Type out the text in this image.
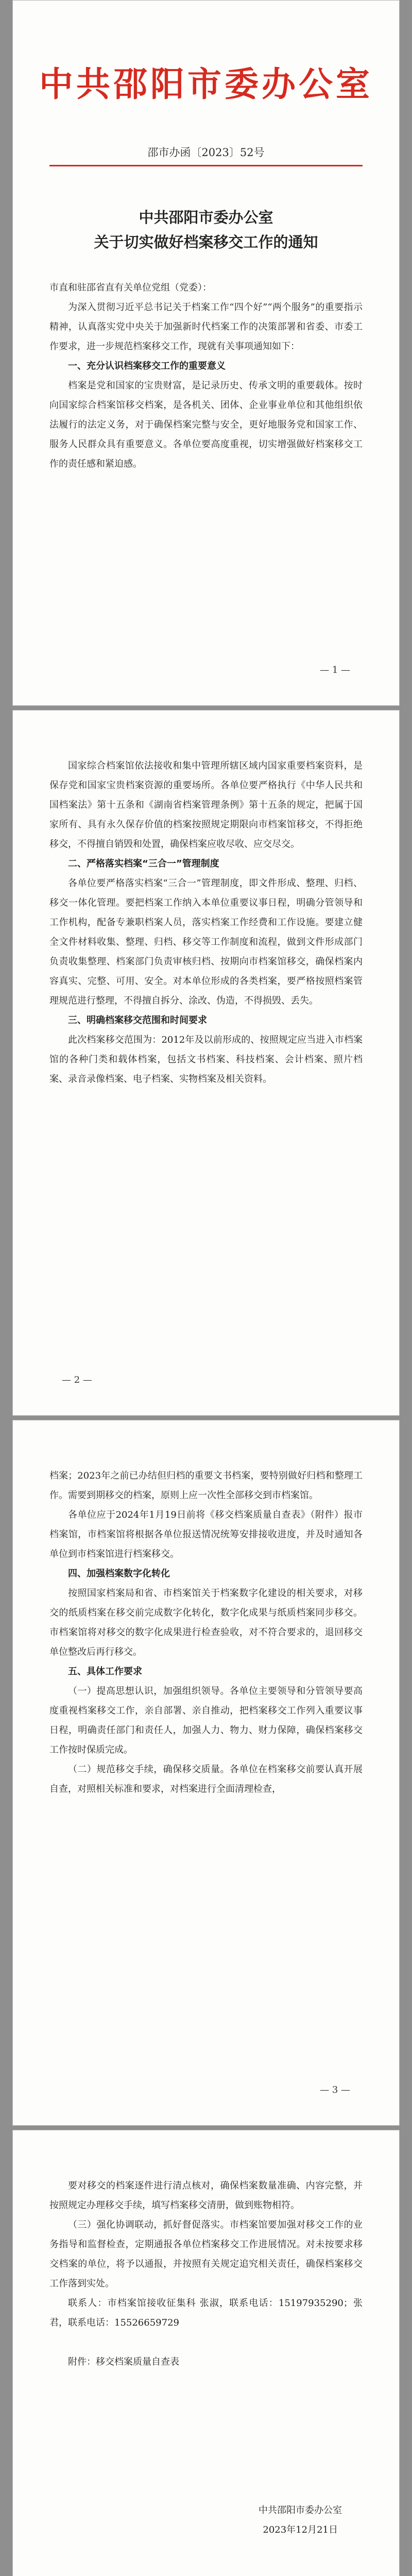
中共邵阳市委办公室
邵市办函〔2023〕52号
中共邵阳市委办公室
关于切实做好档案移交工作的通知

市直和驻邵省直有关单位党组（党委）：

为深入贯彻习近平总书记关于档案工作“四个好”“两个服务”的重要指示精神，认真落实党中央关于加强新时代档案工作的决策部署和省委、市委工作要求，进一步规范档案移交工作，现就有关事项通知如下：

一、充分认识档案移交工作的重要意义

档案是党和国家的宝贵财富，是记录历史、传承文明的重要载体。按时向国家综合档案馆移交档案，是各机关、团体、企业事业单位和其他组织依法履行的法定义务，对于确保档案完整与安全，更好地服务党和国家工作、服务人民群众具有重要意义。各单位要高度重视，切实增强做好档案移交工作的责任感和紧迫感。

— 1 —

国家综合档案馆依法接收和集中管理所辖区域内国家重要档案资料，是保存党和国家宝贵档案资源的重要场所。各单位要严格执行《中华人民共和国档案法》第十五条和《湖南省档案管理条例》第十五条的规定，把属于国家所有、具有永久保存价值的档案按照规定期限向市档案馆移交，不得拒绝移交，不得擅自销毁和处置，确保档案应收尽收、应交尽交。

二、严格落实档案“三合一”管理制度

各单位要严格落实档案“三合一”管理制度，即文件形成、整理、归档、移交一体化管理。要把档案工作纳入本单位重要议事日程，明确分管领导和工作机构，配备专兼职档案人员，落实档案工作经费和工作设施。要建立健全文件材料收集、整理、归档、移交等工作制度和流程，做到文件形成部门负责收集整理、档案部门负责审核归档、按期向市档案馆移交，确保档案内容真实、完整、可用、安全。对本单位形成的各类档案，要严格按照档案管理规范进行整理，不得擅自拆分、涂改、伪造，不得损毁、丢失。

三、明确档案移交范围和时间要求

此次档案移交范围为：2012年及以前形成的、按照规定应当进入市档案馆的各种门类和载体档案，包括文书档案、科技档案、会计档案、照片档案、录音录像档案、电子档案、实物档案及相关资料。

— 2 —

档案；2023年之前已办结但归档的重要文书档案，要特别做好归档和整理工作。需要到期移交的档案，原则上应一次性全部移交到市档案馆。

各单位应于2024年1月19日前将《移交档案质量自查表》（附件）报市档案馆，市档案馆将根据各单位报送情况统筹安排接收进度，并及时通知各单位到市档案馆进行档案移交。

四、加强档案数字化转化

按照国家档案局和省、市档案馆关于档案数字化建设的相关要求，对移交的纸质档案在移交前完成数字化转化，数字化成果与纸质档案同步移交。市档案馆将对移交的数字化成果进行检查验收，对不符合要求的，退回移交单位整改后再行移交。

五、具体工作要求

（一）提高思想认识，加强组织领导。各单位主要领导和分管领导要高度重视档案移交工作，亲自部署、亲自推动，把档案移交工作列入重要议事日程，明确责任部门和责任人，加强人力、物力、财力保障，确保档案移交工作按时保质完成。

（二）规范移交手续，确保移交质量。各单位在档案移交前要认真开展自查，对照相关标准和要求，对档案进行全面清理检查，

— 3 —

要对移交的档案逐件进行清点核对，确保档案数量准确、内容完整，并按照规定办理移交手续，填写档案移交清册，做到账物相符。

（三）强化协调联动，抓好督促落实。市档案馆要加强对移交工作的业务指导和监督检查，定期通报各单位档案移交工作进展情况。对未按要求移交档案的单位，将予以通报，并按照有关规定追究相关责任，确保档案移交工作落到实处。

联系人：市档案馆接收征集科 张淑，联系电话：15197935290；张君，联系电话：15526659729

附件：移交档案质量自查表

中共邵阳市委办公室

2023年12月21日
